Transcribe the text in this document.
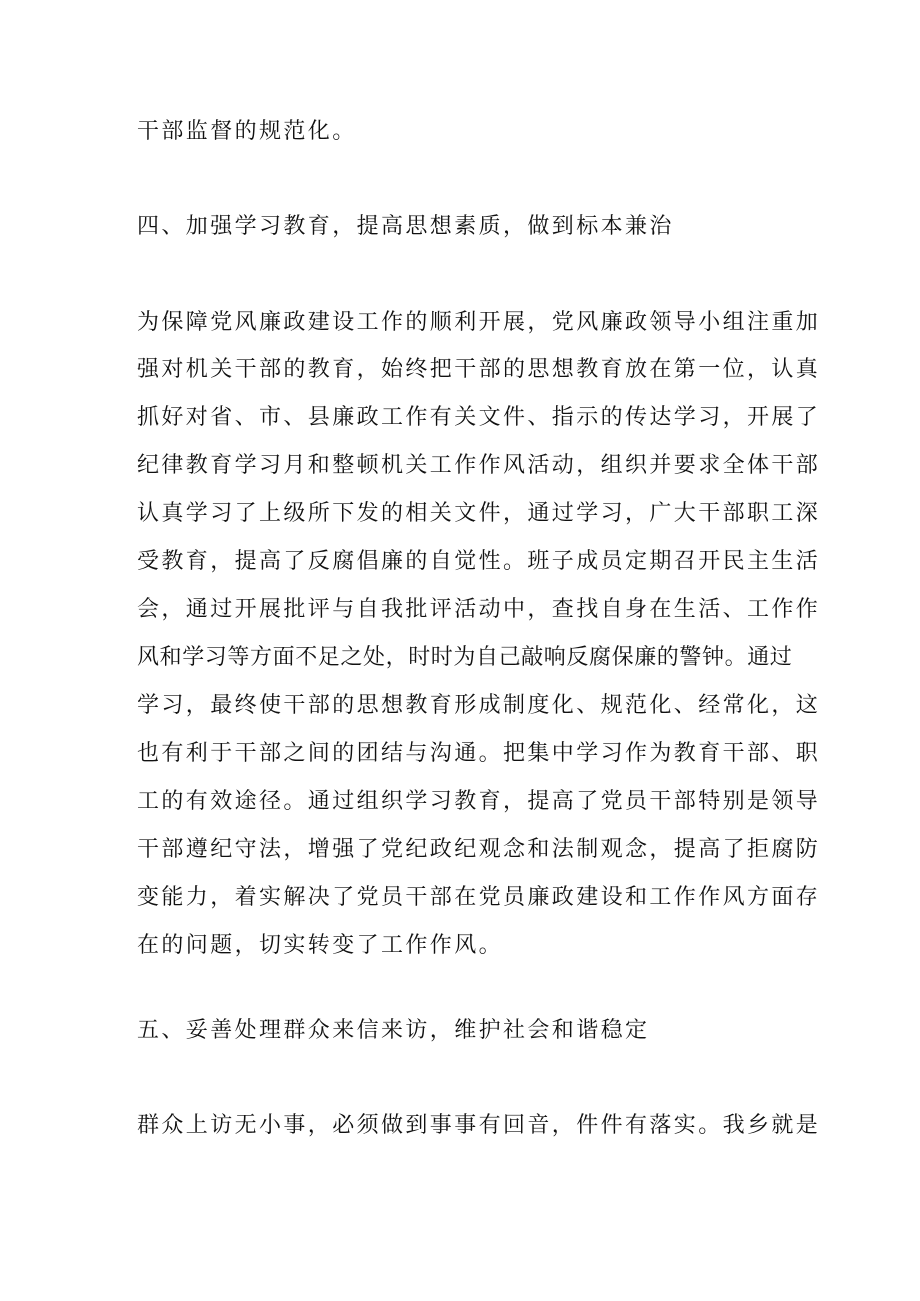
干部监督的规范化。
四、加强学习教育，提高思想素质，做到标本兼治
为保障党风廉政建设工作的顺利开展，党风廉政领导小组注重加
强对机关干部的教育，始终把干部的思想教育放在第一位，认真
抓好对省、市、县廉政工作有关文件、指示的传达学习，开展了
纪律教育学习月和整顿机关工作作风活动，组织并要求全体干部
认真学习了上级所下发的相关文件，通过学习，广大干部职工深
受教育，提高了反腐倡廉的自觉性。班子成员定期召开民主生活
会，通过开展批评与自我批评活动中，查找自身在生活、工作作
风和学习等方面不足之处，时时为自己敲响反腐保廉的警钟。通过
学习，最终使干部的思想教育形成制度化、规范化、经常化，这
也有利于干部之间的团结与沟通。把集中学习作为教育干部、职
工的有效途径。通过组织学习教育，提高了党员干部特别是领导
干部遵纪守法，增强了党纪政纪观念和法制观念，提高了拒腐防
变能力，着实解决了党员干部在党员廉政建设和工作作风方面存
在的问题，切实转变了工作作风。
五、妥善处理群众来信来访，维护社会和谐稳定
群众上访无小事，必须做到事事有回音，件件有落实。我乡就是
